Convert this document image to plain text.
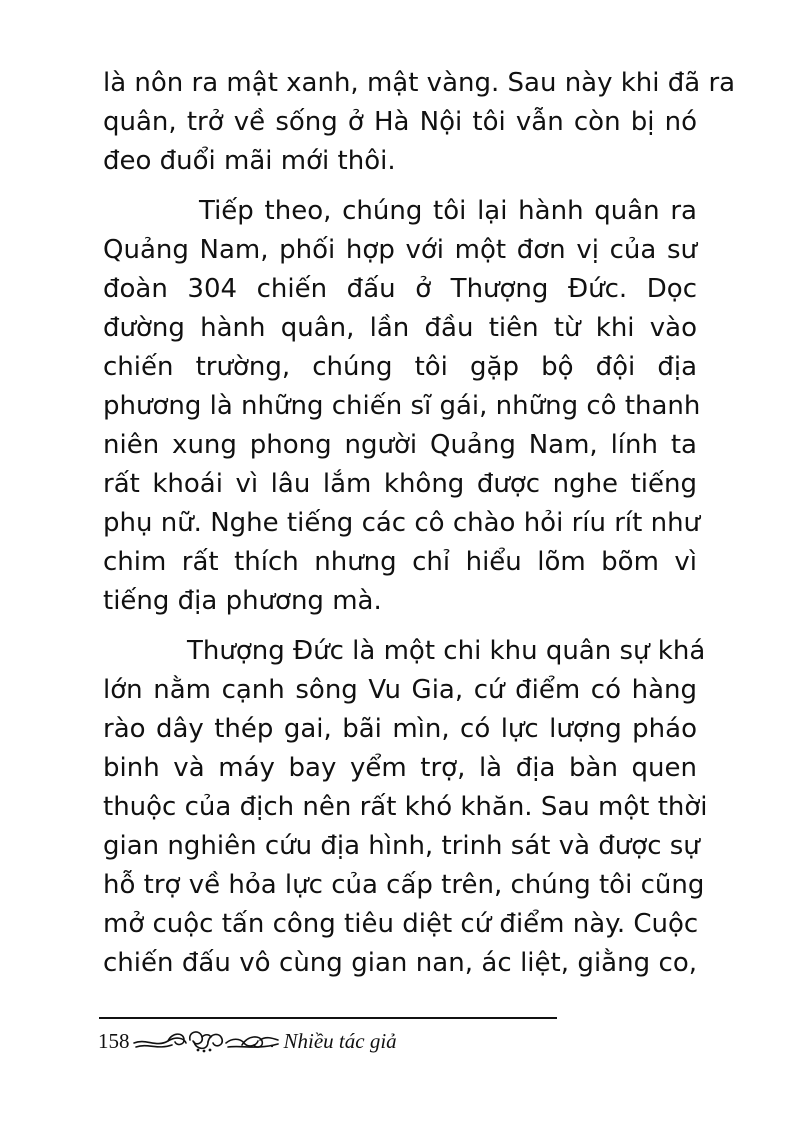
là nôn ra mật xanh, mật vàng. Sau này khi đã ra
quân, trở về sống ở Hà Nội tôi vẫn còn bị nó
đeo đuổi mãi mới thôi.
Tiếp theo, chúng tôi lại hành quân ra
Quảng Nam, phối hợp với một đơn vị của sư
đoàn 304 chiến đấu ở Thượng Đức. Dọc
đường hành quân, lần đầu tiên từ khi vào
chiến trường, chúng tôi gặp bộ đội địa
phương là những chiến sĩ gái, những cô thanh
niên xung phong người Quảng Nam, lính ta
rất khoái vì lâu lắm không được nghe tiếng
phụ nữ. Nghe tiếng các cô chào hỏi ríu rít như
chim rất thích nhưng chỉ hiểu lõm bõm vì
tiếng địa phương mà.
Thượng Đức là một chi khu quân sự khá
lớn nằm cạnh sông Vu Gia, cứ điểm có hàng
rào dây thép gai, bãi mìn, có lực lượng pháo
binh và máy bay yểm trợ, là địa bàn quen
thuộc của địch nên rất khó khăn. Sau một thời
gian nghiên cứu địa hình, trinh sát và được sự
hỗ trợ về hỏa lực của cấp trên, chúng tôi cũng
mở cuộc tấn công tiêu diệt cứ điểm này. Cuộc
chiến đấu vô cùng gian nan, ác liệt, giằng co,
158	Nhiều tác giả
